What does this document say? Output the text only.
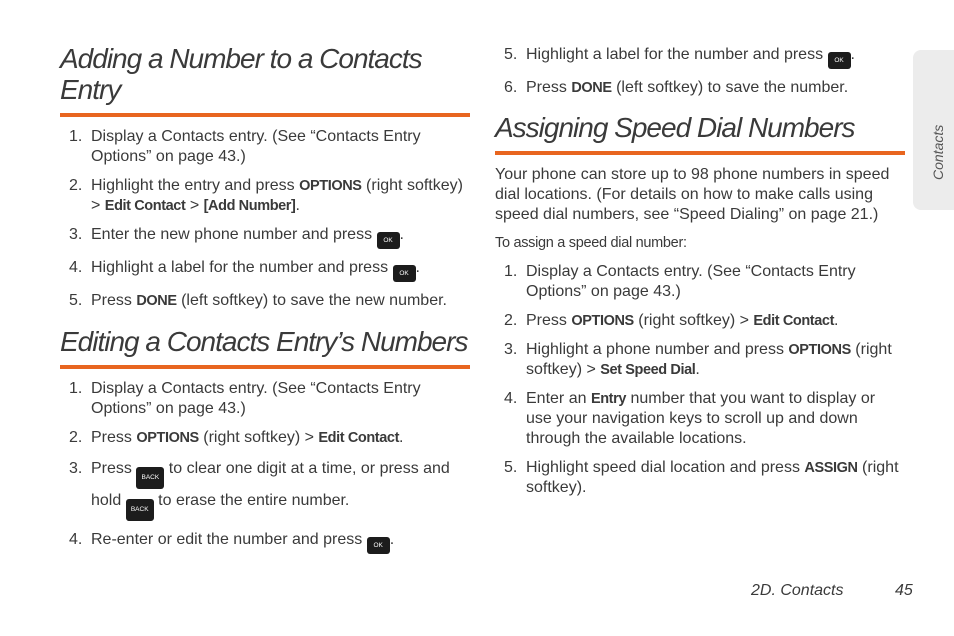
Adding a Number to a Contacts Entry
1. Display a Contacts entry. (See “Contacts Entry Options” on page 43.)
2. Highlight the entry and press OPTIONS (right softkey) > Edit Contact > [Add Number].
3. Enter the new phone number and press OK .
4. Highlight a label for the number and press OK .
5. Press DONE (left softkey) to save the new number.
Editing a Contacts Entry’s Numbers
1. Display a Contacts entry. (See “Contacts Entry Options” on page 43.)
2. Press OPTIONS (right softkey) > Edit Contact.
3. Press BACK to clear one digit at a time, or press and hold BACK to erase the entire number.
4. Re-enter or edit the number and press OK .
5. Highlight a label for the number and press OK .
6. Press DONE (left softkey) to save the number.
Assigning Speed Dial Numbers

Your phone can store up to 98 phone numbers in speed dial locations. (For details on how to make calls using speed dial numbers, see “Speed Dialing” on page 21.)

To assign a speed dial number:

1. Display a Contacts entry. (See “Contacts Entry Options” on page 43.)
2. Press OPTIONS (right softkey) > Edit Contact.
3. Highlight a phone number and press OPTIONS (right softkey) > Set Speed Dial.
4. Enter an Entry number that you want to display or use your navigation keys to scroll up and down through the available locations.
5. Highlight speed dial location and press ASSIGN (right softkey).
Contacts
2D. Contacts	45
